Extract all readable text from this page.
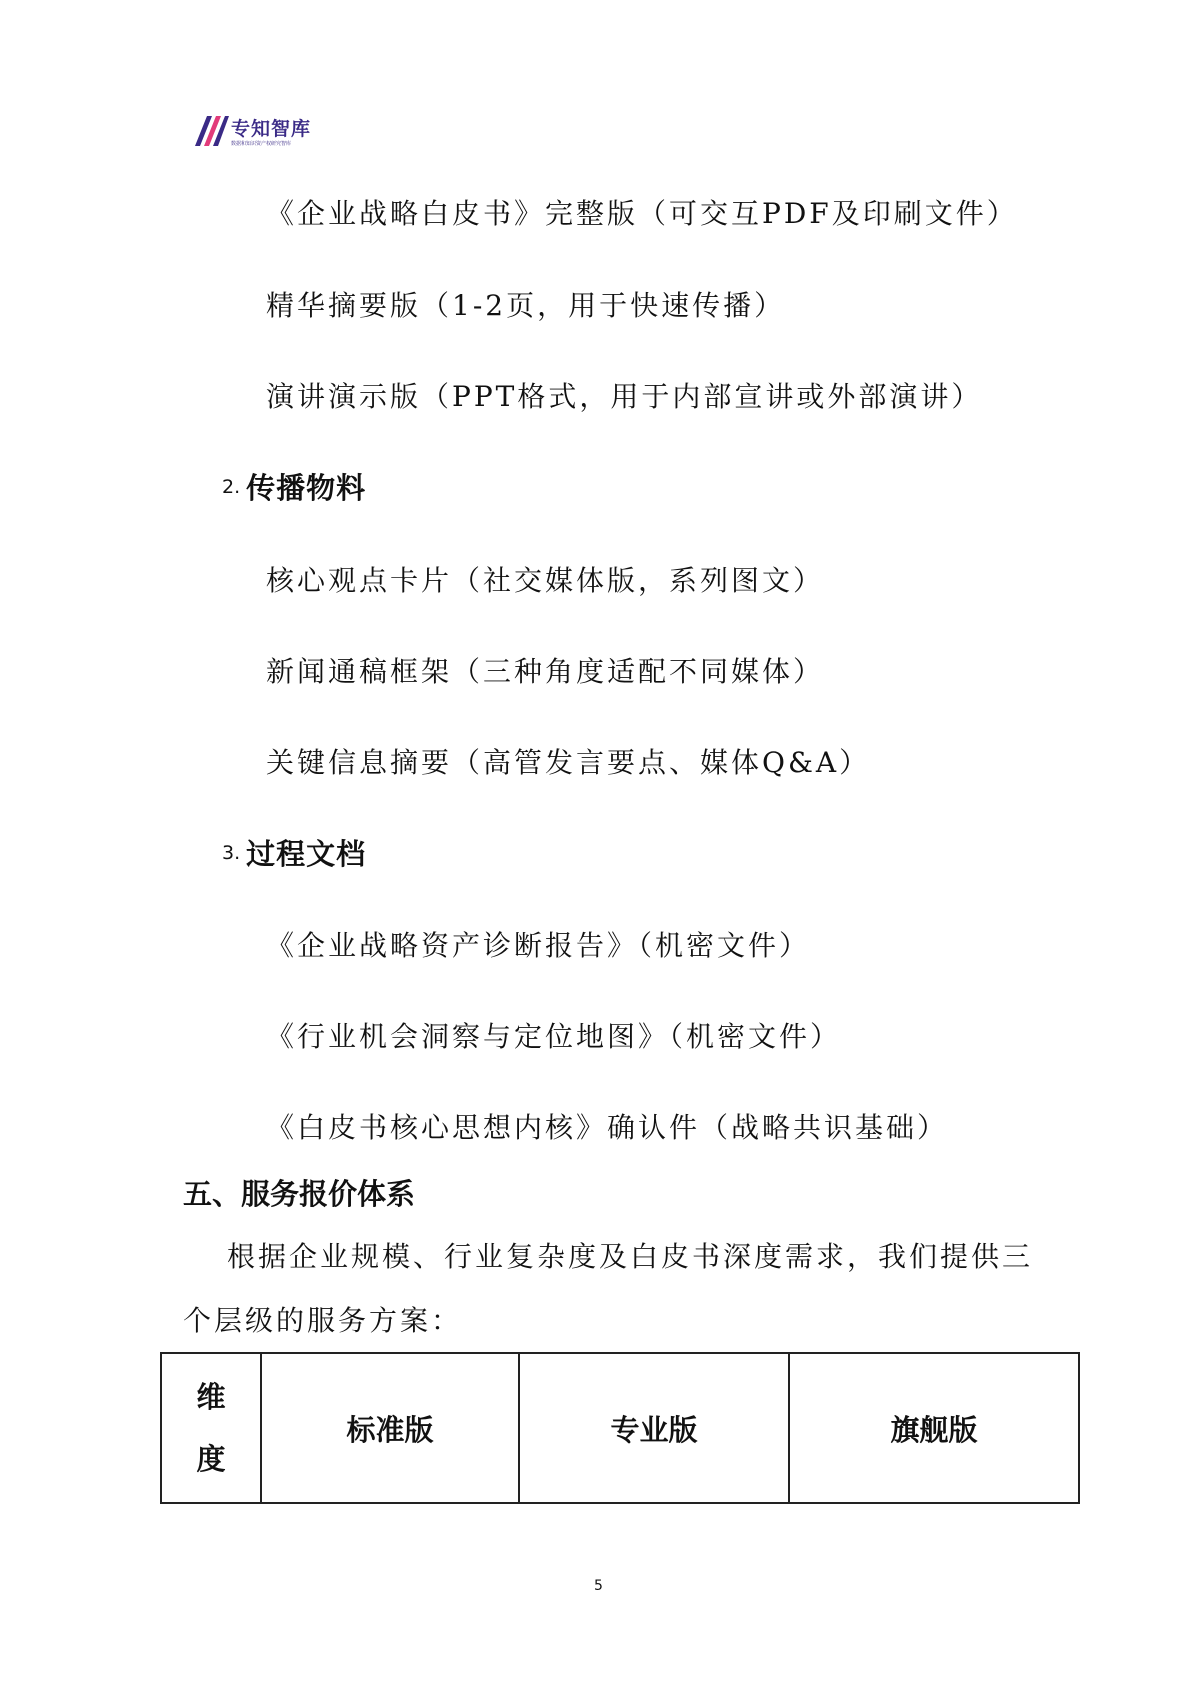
专知智库
数据和知识资产权研究智库
《企业战略白皮书》完整版（可交互PDF及印刷文件）
精华摘要版（1-2页，用于快速传播）
演讲演示版（PPT格式，用于内部宣讲或外部演讲）
2. 传播物料
核心观点卡片（社交媒体版，系列图文）
新闻通稿框架（三种角度适配不同媒体）
关键信息摘要（高管发言要点、媒体Q&A）
3. 过程文档
《企业战略资产诊断报告》（机密文件）
《行业机会洞察与定位地图》（机密文件）
《白皮书核心思想内核》确认件（战略共识基础）
五、服务报价体系
根据企业规模、行业复杂度及白皮书深度需求，我们提供三个层级的服务方案：
维
度
标准版	专业版	旗舰版
5
